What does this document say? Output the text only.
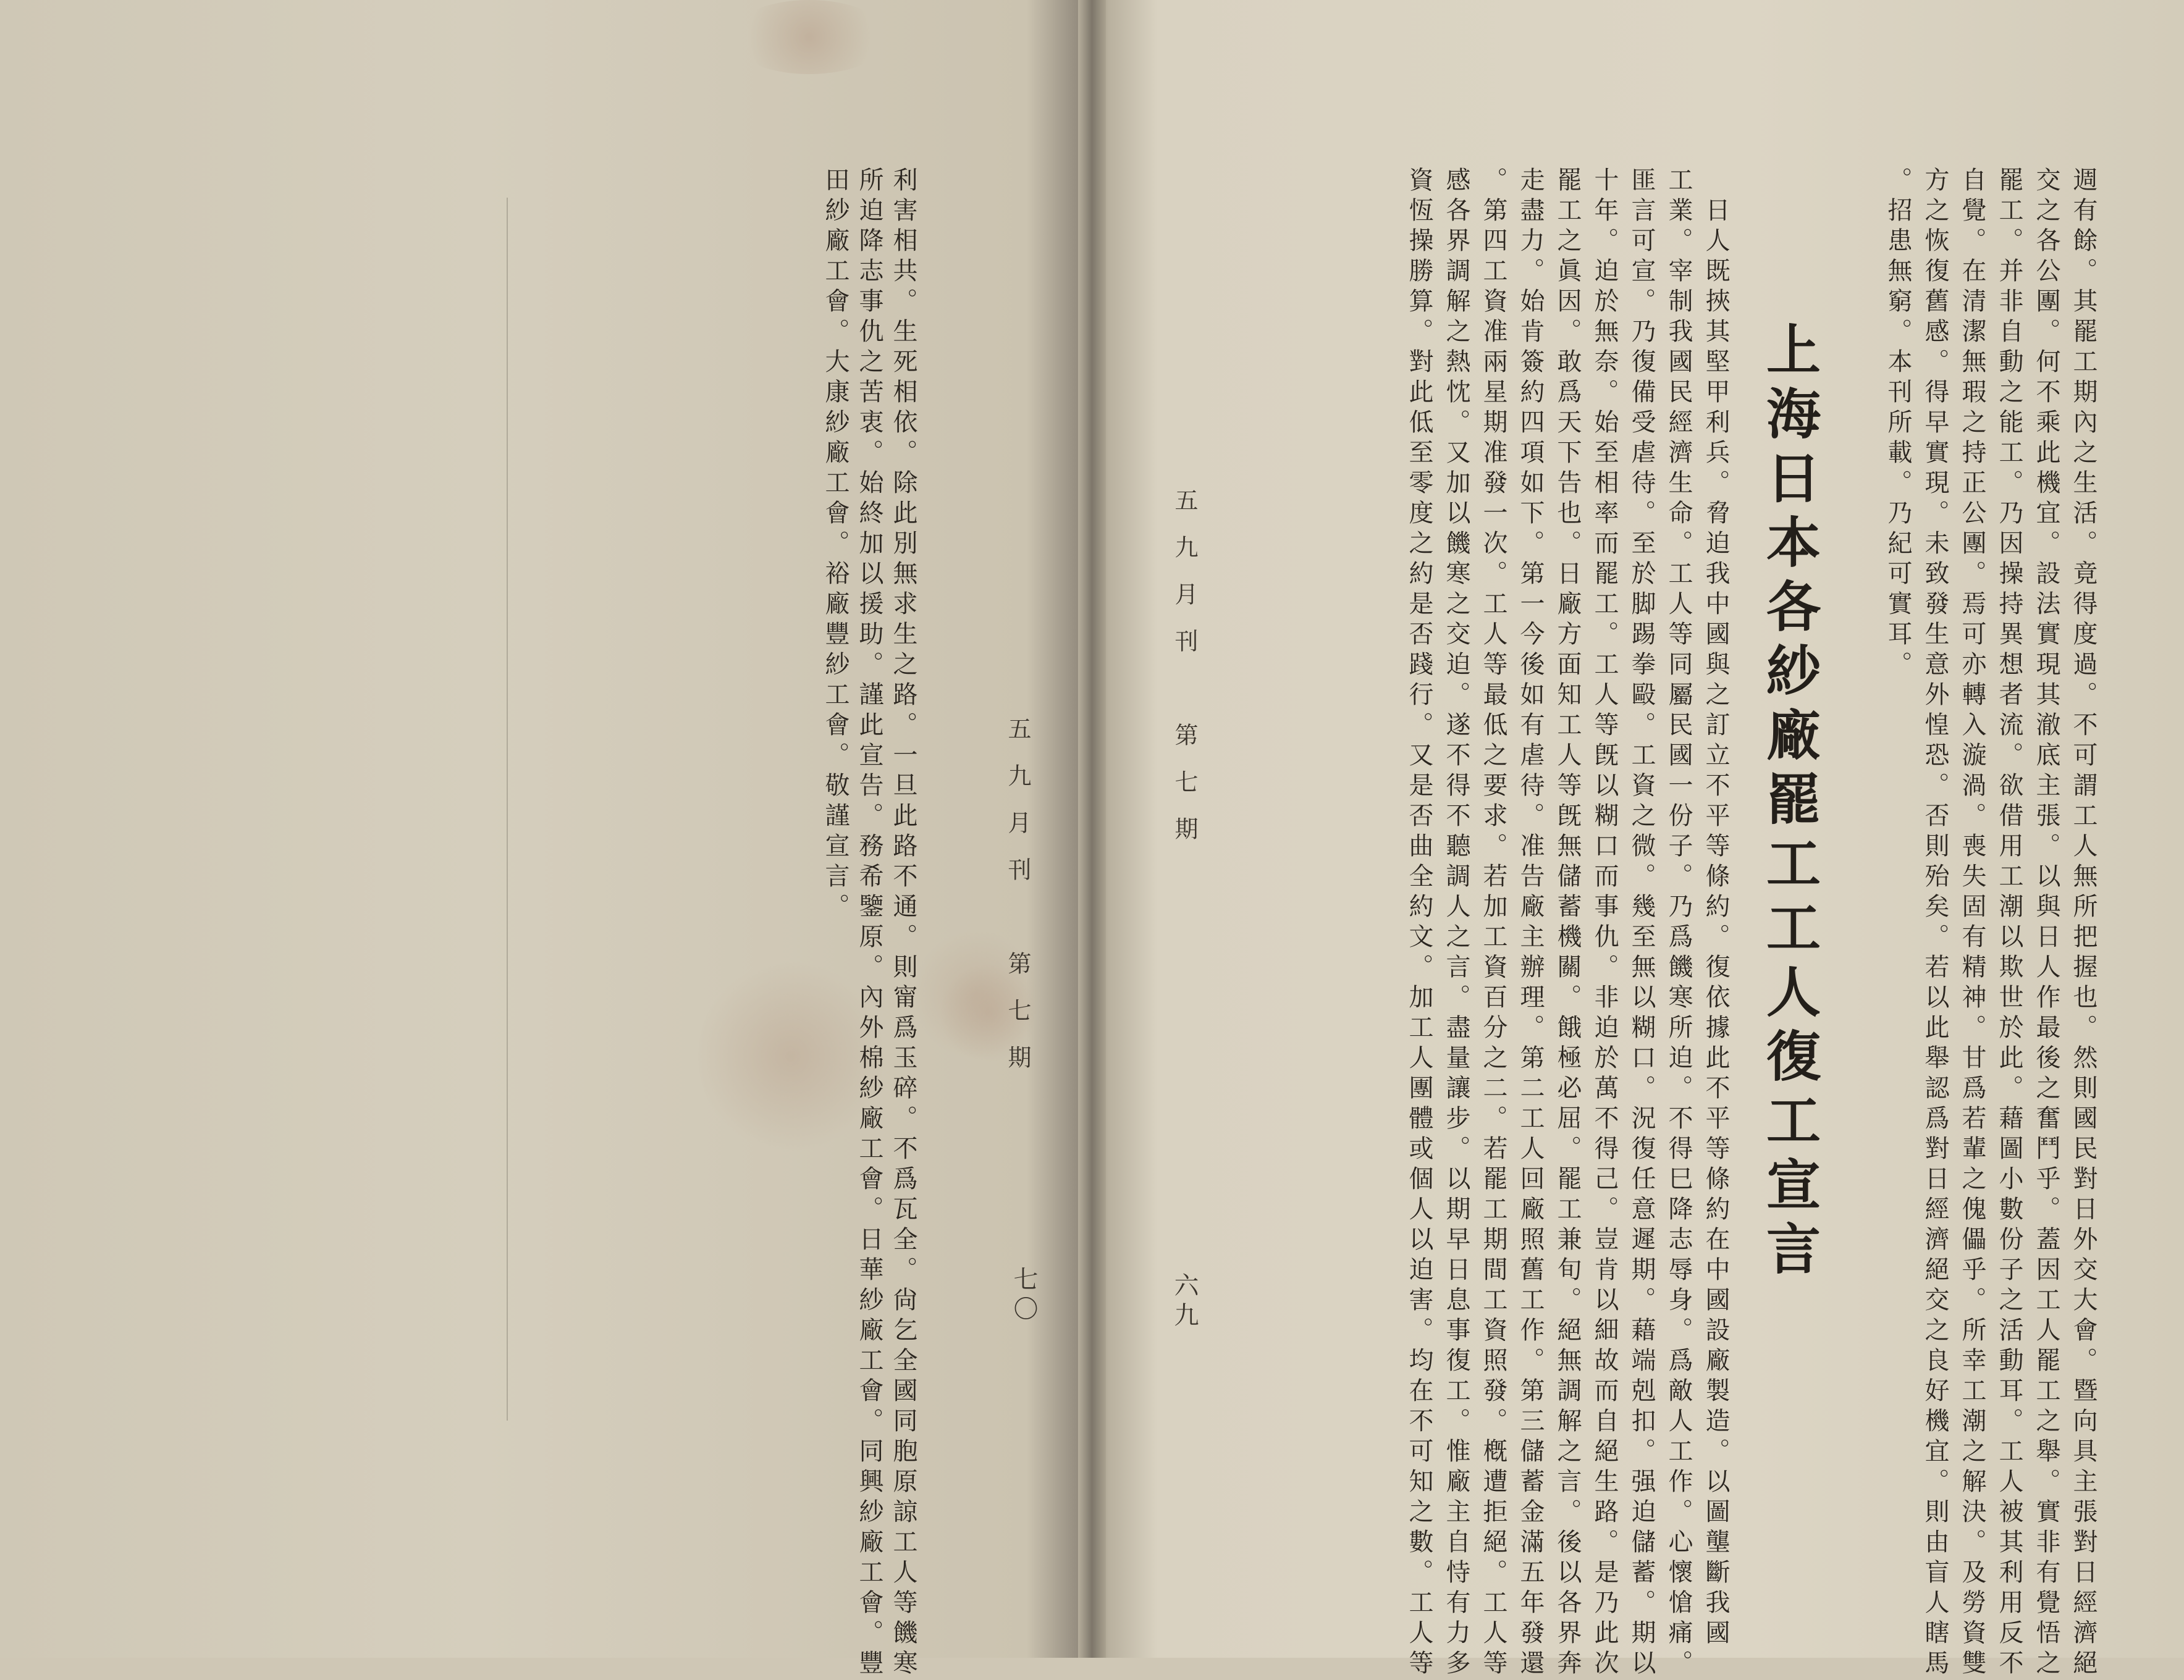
利害相共。生死相依。除此別無求生之路。一旦此路不通。則甯爲玉碎。不爲瓦全。尙乞全國同胞原諒工人等饑寒
所迫降志事仇之苦衷。始終加以援助。謹此宣告。務希鑒原。內外棉紗廠工會。日華紗廠工會。同興紗廠工會。豐
田紗廠工會。大康紗廠工會。裕廠豐紗工會。敬謹宣言。	五九月刊　第七期
七〇	週有餘。其罷工期內之生活。竟得度過。不可謂工人無所把握也。然則國民對日外交大會。暨向具主張對日經濟絕
交之各公團。何不乘此機宜。設法實現其澈底主張。以與日人作最後之奮鬥乎。蓋因工人罷工之舉。實非有覺悟之
罷工。并非自動之能工。乃因操持異想者流。欲借用工潮以欺世於此。藉圖小數份子之活動耳。工人被其利用反不
自覺。在清潔無瑕之持正公團。焉可亦轉入漩渦。喪失固有精神。甘爲若輩之傀儡乎。所幸工潮之解決。及勞資雙
方之恢復舊感。得早實現。未致發生意外惶恐。否則殆矣。若以此舉認爲對日經濟絕交之良好機宜。則由盲人瞎馬
。招患無窮。本刊所載。乃紀可實耳。
上海日本各紗廠罷工工人復工宣言
　日人既挾其堅甲利兵。脅迫我中國與之訂立不平等條約。復依據此不平等條約在中國設廠製造。以圖壟斷我國
工業。宰制我國民經濟生命。工人等同屬民國一份子。乃爲饑寒所迫。不得巳降志辱身。爲敵人工作。心懷愴痛。
匪言可宣。乃復備受虐待。至於脚踢拳毆。工資之微。幾至無以糊口。況復任意遲期。藉端剋扣。强迫儲蓄。期以
十年。迫於無奈。始至相率而罷工。工人等旣以糊口而事仇。非迫於萬不得己。豈肯以細故而自絕生路。是乃此次
罷工之眞因。敢爲天下告也。日廠方面知工人等旣無儲蓄機關。餓極必屈。罷工兼旬。絕無調解之言。後以各界奔
走盡力。始肯簽約四項如下。第一今後如有虐待。准告廠主辦理。第二工人回廠照舊工作。第三儲蓄金滿五年發還
。第四工資准兩星期准發一次。工人等最低之要求。若加工資百分之二。若罷工期間工資照發。槪遭拒絕。工人等
感各界調解之熱忱。又加以饑寒之交迫。遂不得不聽調人之言。盡量讓步。以期早日息事復工。惟廠主自恃有力多
資恆操勝算。對此低至零度之約是否踐行。又是否曲全約文。加工人團體或個人以迫害。均在不可知之數。工人等
五九月刊　第七期
六九
